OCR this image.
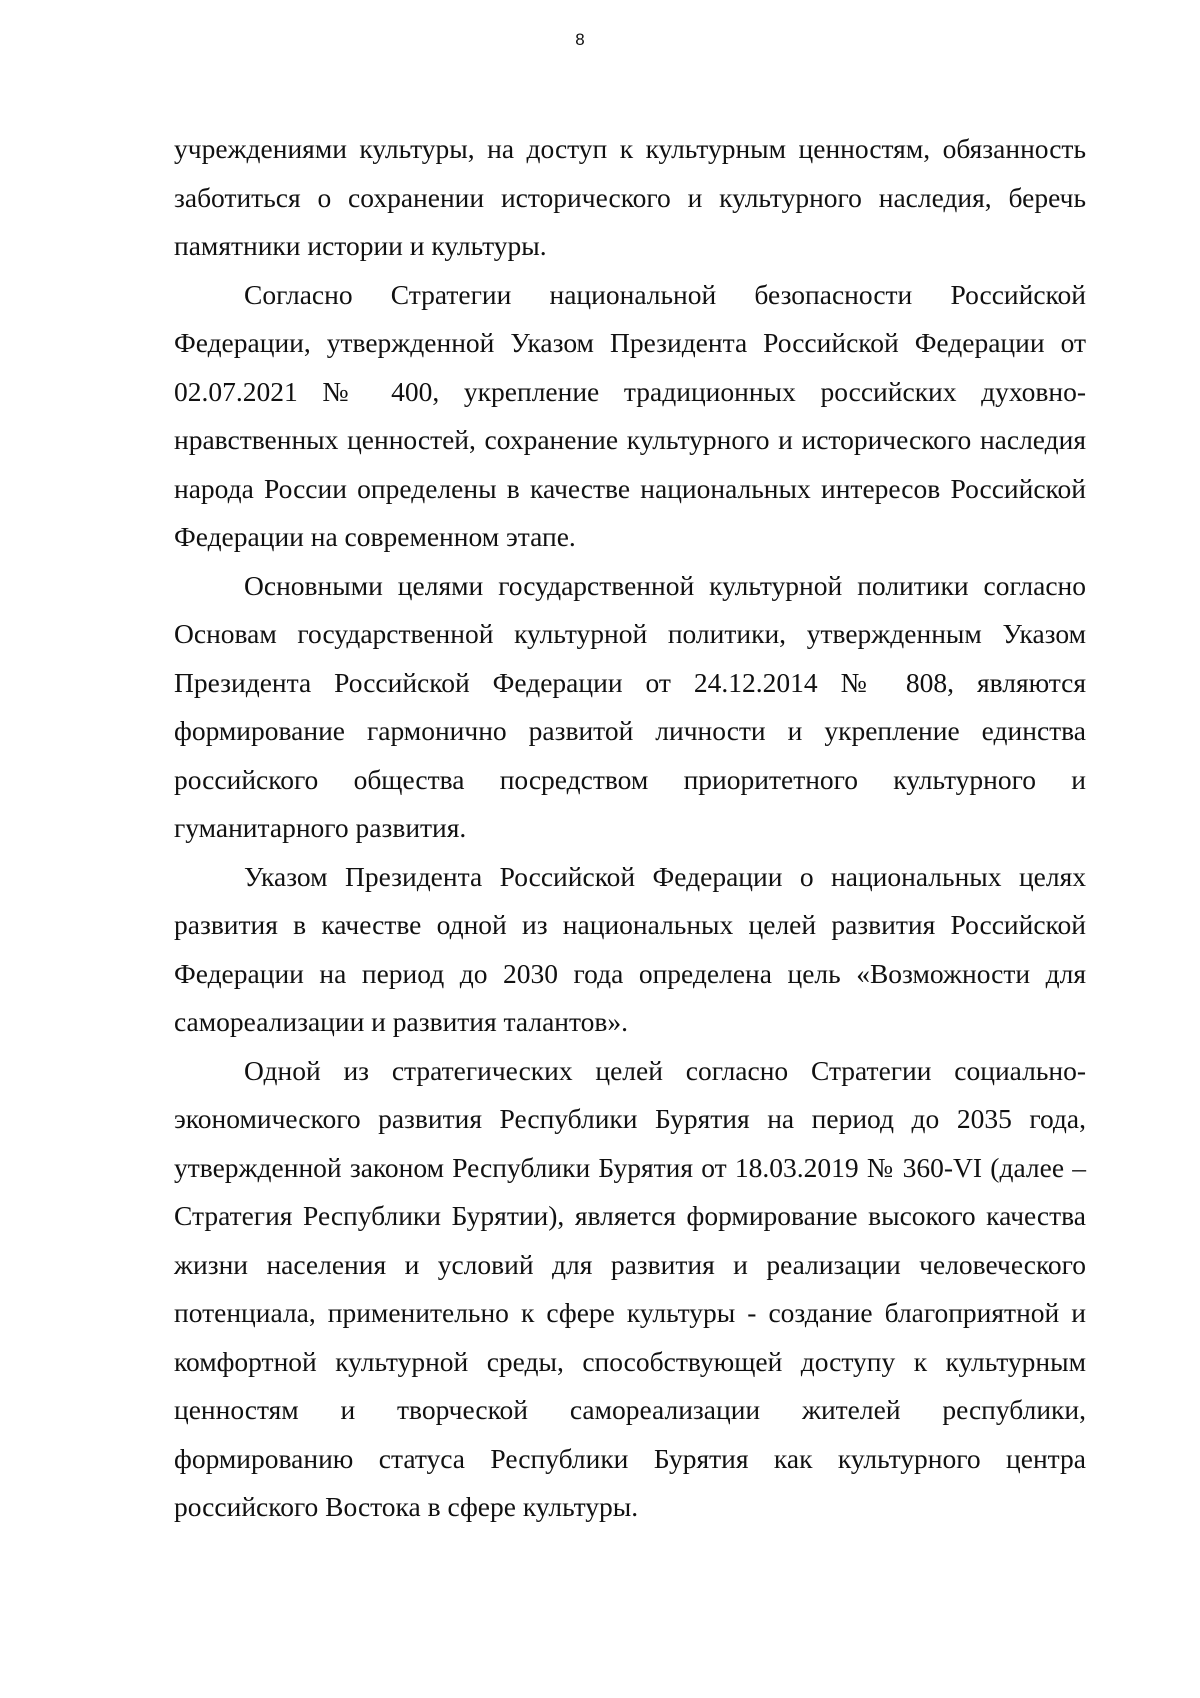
8

учреждениями культуры, на доступ к культурным ценностям, обязанность заботиться о сохранении исторического и культурного наследия, беречь памятники истории и культуры.

Согласно Стратегии национальной безопасности Российской Федерации, утвержденной Указом Президента Российской Федерации от 02.07.2021 № 400, укрепление традиционных российских духовно-нравственных ценностей, сохранение культурного и исторического наследия народа России определены в качестве национальных интересов Российской Федерации на современном этапе.

Основными целями государственной культурной политики согласно Основам государственной культурной политики, утвержденным Указом Президента Российской Федерации от 24.12.2014 № 808, являются формирование гармонично развитой личности и укрепление единства российского общества посредством приоритетного культурного и гуманитарного развития.

Указом Президента Российской Федерации о национальных целях развития в качестве одной из национальных целей развития Российской Федерации на период до 2030 года определена цель «Возможности для самореализации и развития талантов».

Одной из стратегических целей согласно Стратегии социально-экономического развития Республики Бурятия на период до 2035 года, утвержденной законом Республики Бурятия от 18.03.2019 № 360-VI (далее – Стратегия Республики Бурятии), является формирование высокого качества жизни населения и условий для развития и реализации человеческого потенциала, применительно к сфере культуры - создание благоприятной и комфортной культурной среды, способствующей доступу к культурным ценностям и творческой самореализации жителей республики, формированию статуса Республики Бурятия как культурного центра российского Востока в сфере культуры.
